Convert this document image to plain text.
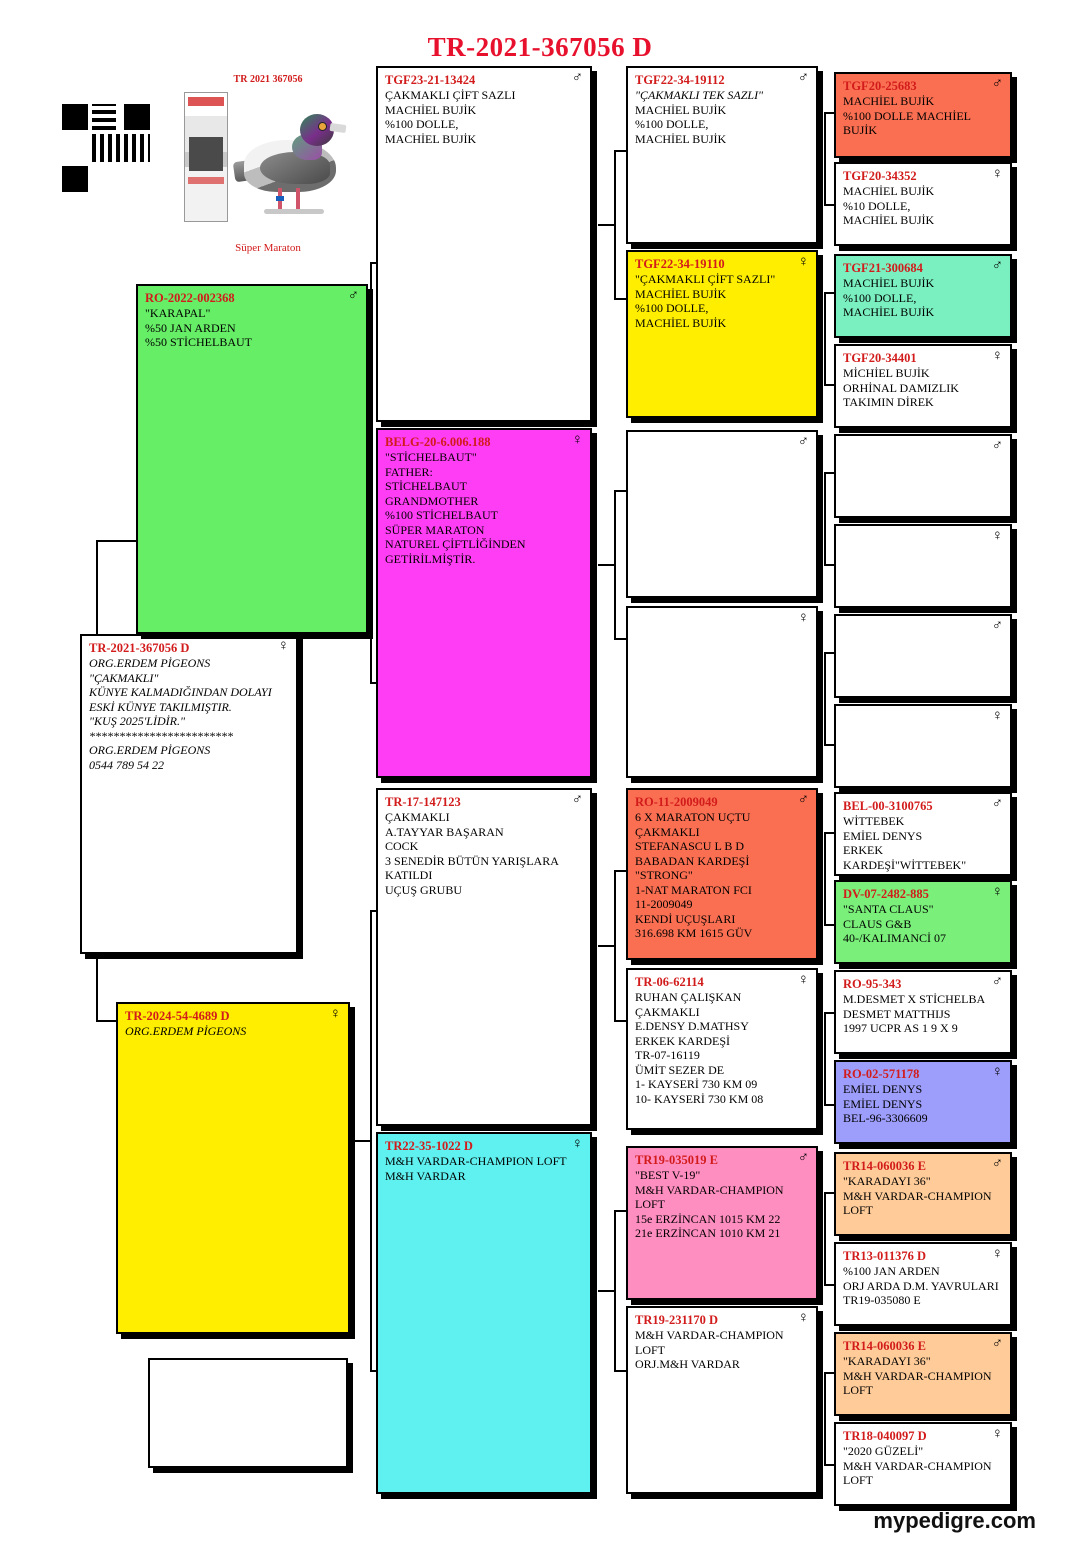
TR-2021-367056 D
TR 2021 367056
Süper Maraton
♀
TR-2021-367056 D
ORG.ERDEM PİGEONS
"ÇAKMAKLI"
KÜNYE KALMADIĞINDAN DOLAYI
ESKİ KÜNYE TAKILMIŞTIR.
"KUŞ 2025'LİDİR."
************************
ORG.ERDEM PİGEONS
0544 789 54 22
♂
RO-2022-002368
"KARAPAL"
%50 JAN ARDEN
%50 STİCHELBAUT
♀
TR-2024-54-4689 D
ORG.ERDEM PİGEONS
♂
TGF23-21-13424
ÇAKMAKLI ÇİFT SAZLI
MACHİEL BUJİK
%100 DOLLE,
MACHİEL BUJİK
♀
BELG-20-6.006.188
"STİCHELBAUT"
FATHER:
STİCHELBAUT
GRANDMOTHER
%100 STİCHELBAUT
SÜPER MARATON
NATUREL ÇİFTLİĞİNDEN
GETİRİLMİŞTİR.
♂
TR-17-147123
ÇAKMAKLI
A.TAYYAR BAŞARAN
COCK
3 SENEDİR BÜTÜN YARIŞLARA KATILDI
UÇUŞ GRUBU
♀
TR22-35-1022 D
M&H VARDAR-CHAMPION LOFT
M&H VARDAR
♂
TGF22-34-19112
"ÇAKMAKLI TEK SAZLI"
MACHİEL BUJİK
%100 DOLLE,
MACHİEL BUJİK
♀
TGF22-34-19110
"ÇAKMAKLI ÇİFT SAZLI"
MACHİEL BUJİK
%100 DOLLE,
MACHİEL BUJİK
♂
♀
♂
RO-11-2009049
6 X MARATON UÇTU
ÇAKMAKLI
STEFANASCU L B D
BABADAN KARDEŞİ
"STRONG"
1-NAT MARATON FCI
11-2009049
KENDİ UÇUŞLARI
316.698 KM 1615 GÜV
♀
TR-06-62114
RUHAN ÇALIŞKAN
ÇAKMAKLI
E.DENSY D.MATHSY
ERKEK KARDEŞİ
TR-07-16119
ÜMİT SEZER DE
1- KAYSERİ 730 KM 09
10- KAYSERİ 730 KM 08
♂
TR19-035019 E
"BEST V-19"
M&H VARDAR-CHAMPION LOFT
15e ERZİNCAN 1015 KM 22
21e ERZİNCAN 1010 KM 21
♀
TR19-231170 D
M&H VARDAR-CHAMPION LOFT
ORJ.M&H VARDAR
♂
TGF20-25683
MACHİEL BUJİK
%100 DOLLE MACHİEL BUJİK
♀
TGF20-34352
MACHİEL BUJİK
%10 DOLLE,
MACHİEL BUJİK
♂
TGF21-300684
MACHİEL BUJİK
%100 DOLLE,
MACHİEL BUJİK
♀
TGF20-34401
MİCHİEL BUJİK
ORHİNAL DAMIZLIK
TAKIMIN DİREK
♂
♀
♂
♀
♂
BEL-00-3100765
WİTTEBEK
EMİEL DENYS
ERKEK KARDEŞİ"WİTTEBEK"
♀
DV-07-2482-885
"SANTA CLAUS"
CLAUS G&B
40-/KALIMANCİ 07
♂
RO-95-343
M.DESMET X STİCHELBA
DESMET MATTHIJS
1997 UCPR AS 1 9 X 9
♀
RO-02-571178
EMİEL DENYS
EMİEL DENYS
BEL-96-3306609
♂
TR14-060036 E
"KARADAYI 36"
M&H VARDAR-CHAMPION
LOFT
♀
TR13-011376 D
%100 JAN ARDEN
ORJ ARDA D.M. YAVRULARI
TR19-035080 E
♂
TR14-060036 E
"KARADAYI 36"
M&H VARDAR-CHAMPION
LOFT
♀
TR18-040097 D
"2020 GÜZELİ"
M&H VARDAR-CHAMPION
LOFT
mypedigre.com
